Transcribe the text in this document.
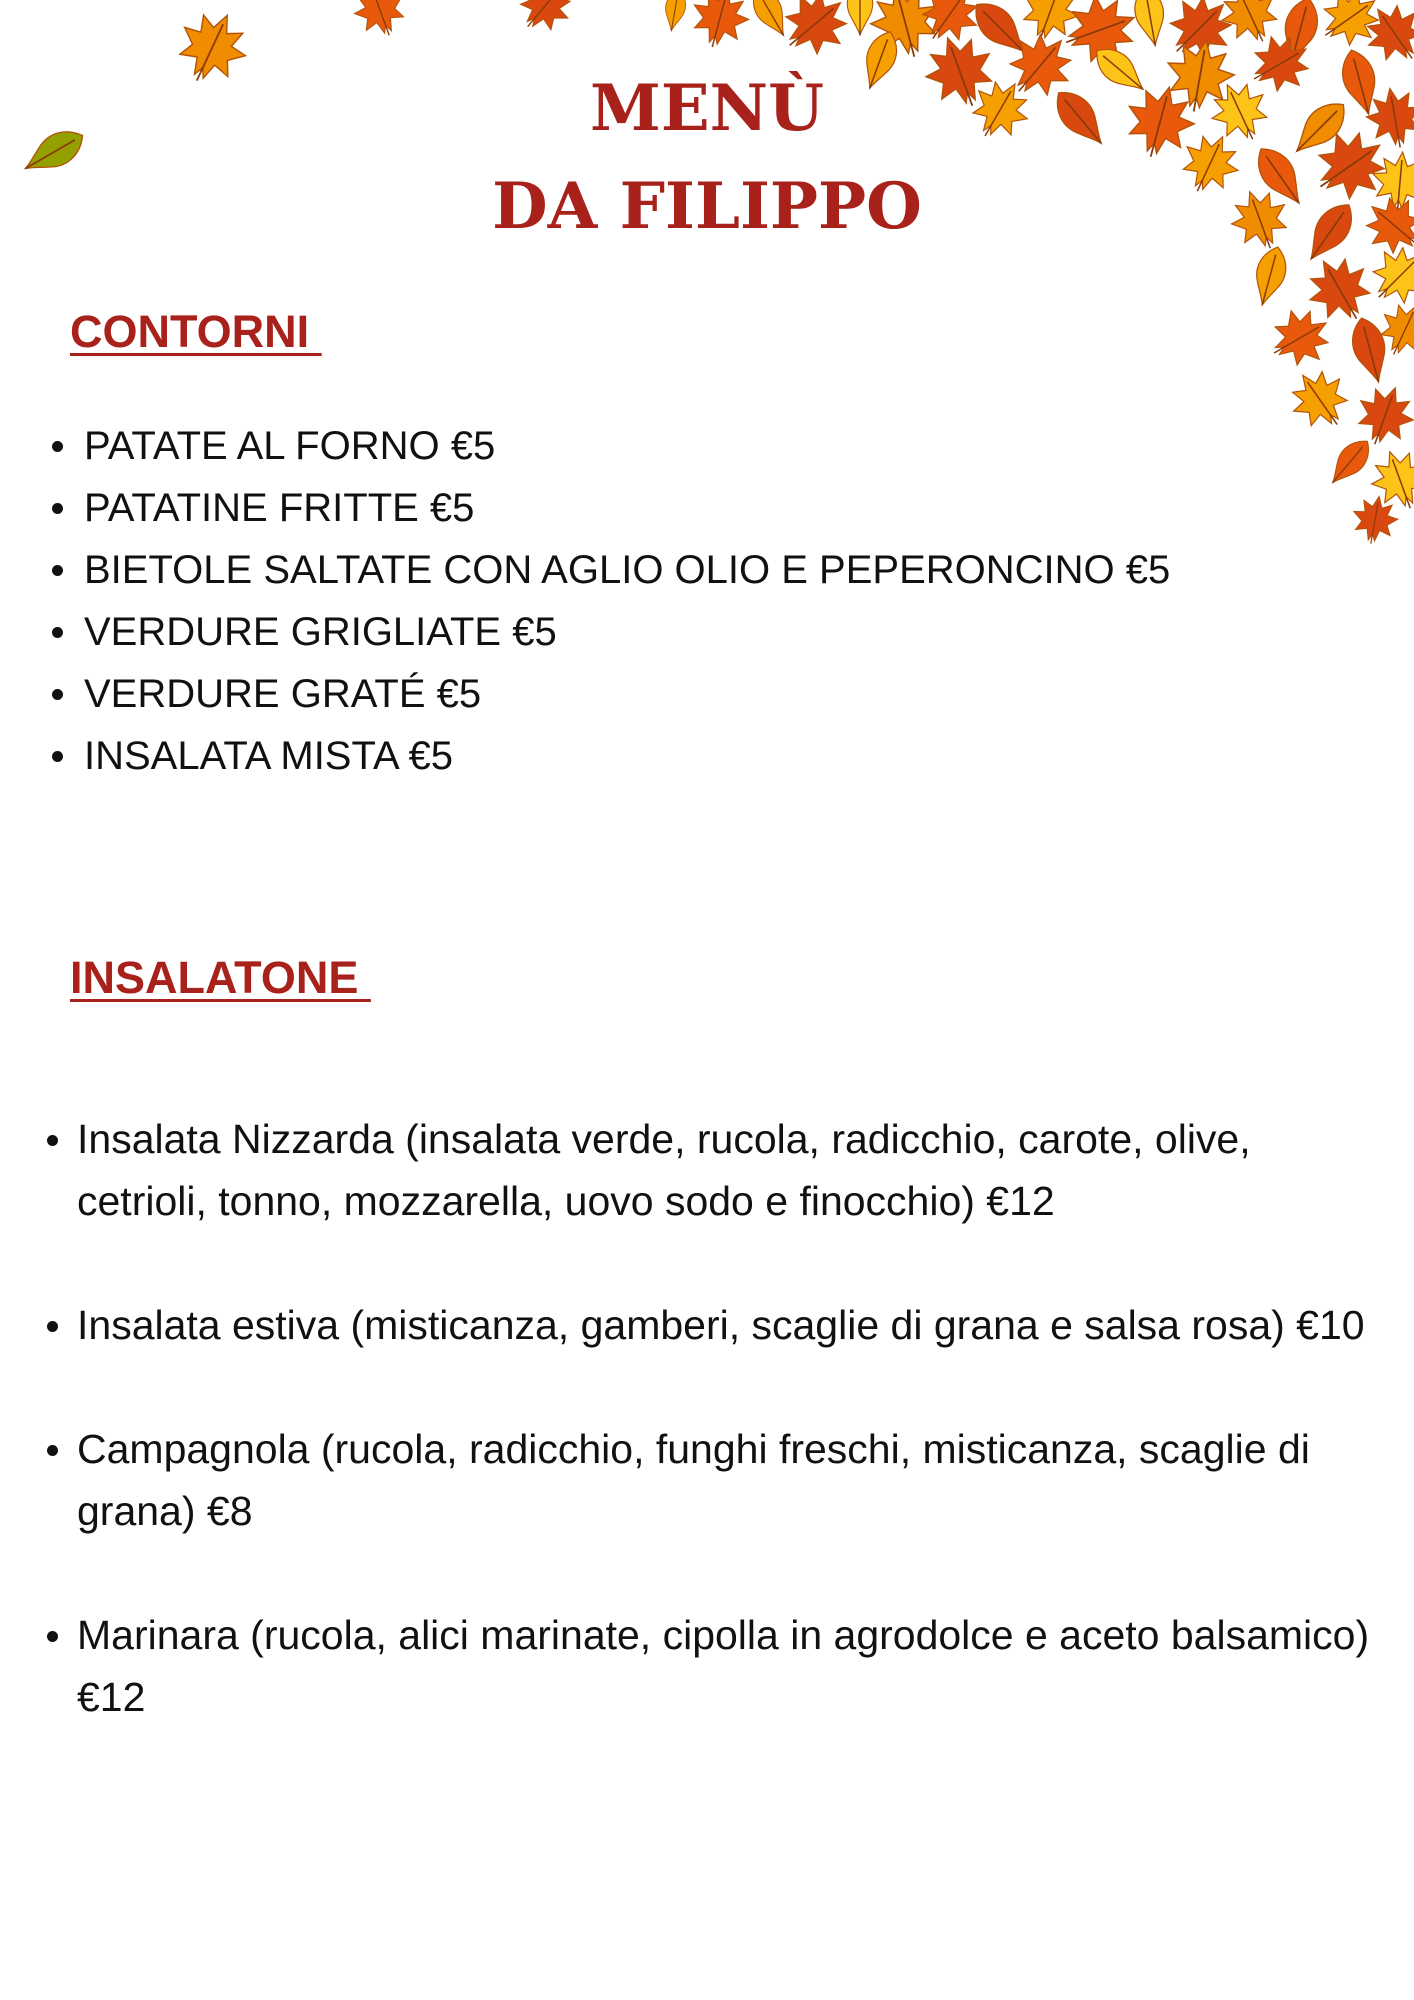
MENÙ
DA FILIPPO
CONTORNI
PATATE AL FORNO €5
PATATINE FRITTE €5
BIETOLE SALTATE CON AGLIO OLIO E PEPERONCINO €5
VERDURE GRIGLIATE €5
VERDURE GRATÉ €5
INSALATA MISTA €5
INSALATONE
Insalata Nizzarda (insalata verde, rucola, radicchio, carote, olive, cetrioli, tonno, mozzarella, uovo sodo e finocchio) €12
Insalata estiva (misticanza, gamberi, scaglie di grana e salsa rosa) €10
Campagnola (rucola, radicchio, funghi freschi, misticanza, scaglie di grana) €8
Marinara (rucola, alici marinate, cipolla in agrodolce e aceto balsamico) €12
